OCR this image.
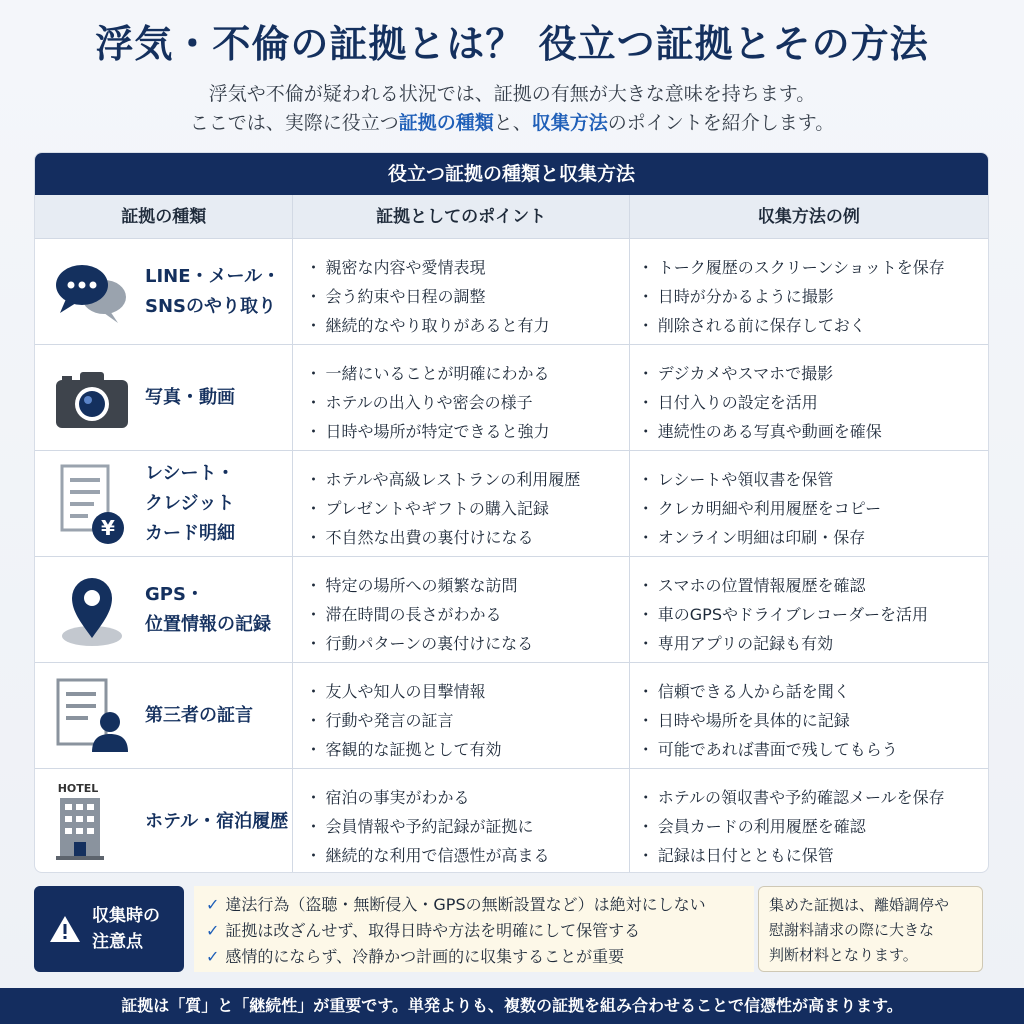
浮気・不倫の証拠とは？ 役立つ証拠とその方法
浮気や不倫が疑われる状況では、証拠の有無が大きな意味を持ちます。
ここでは、実際に役立つ証拠の種類と、収集方法のポイントを紹介します。
役立つ証拠の種類と収集方法
証拠の種類	証拠としてのポイント	収集方法の例
LINE・メール・
SNSのやり取り
・ 親密な内容や愛情表現
・ 会う約束や日程の調整
・ 継続的なやり取りがあると有力
・ トーク履歴のスクリーンショットを保存
・ 日時が分かるように撮影
・ 削除される前に保存しておく
写真・動画
・ 一緒にいることが明確にわかる
・ ホテルの出入りや密会の様子
・ 日時や場所が特定できると強力
・ デジカメやスマホで撮影
・ 日付入りの設定を活用
・ 連続性のある写真や動画を確保
¥
レシート・
クレジット
カード明細
・ ホテルや高級レストランの利用履歴
・ プレゼントやギフトの購入記録
・ 不自然な出費の裏付けになる
・ レシートや領収書を保管
・ クレカ明細や利用履歴をコピー
・ オンライン明細は印刷・保存
GPS・
位置情報の記録
・ 特定の場所への頻繁な訪問
・ 滞在時間の長さがわかる
・ 行動パターンの裏付けになる
・ スマホの位置情報履歴を確認
・ 車のGPSやドライブレコーダーを活用
・ 専用アプリの記録も有効
第三者の証言
・ 友人や知人の目撃情報
・ 行動や発言の証言
・ 客観的な証拠として有効
・ 信頼できる人から話を聞く
・ 日時や場所を具体的に記録
・ 可能であれば書面で残してもらう
HOTEL
ホテル・宿泊履歴
・ 宿泊の事実がわかる
・ 会員情報や予約記録が証拠に
・ 継続的な利用で信憑性が高まる
・ ホテルの領収書や予約確認メールを保存
・ 会員カードの利用履歴を確認
・ 記録は日付とともに保管
収集時の
注意点
✓ 違法行為（盗聴・無断侵入・GPSの無断設置など）は絶対にしない
✓ 証拠は改ざんせず、取得日時や方法を明確にして保管する
✓ 感情的にならず、冷静かつ計画的に収集することが重要
集めた証拠は、離婚調停や
慰謝料請求の際に大きな
判断材料となります。
証拠は「質」と「継続性」が重要です。単発よりも、複数の証拠を組み合わせることで信憑性が高まります。
